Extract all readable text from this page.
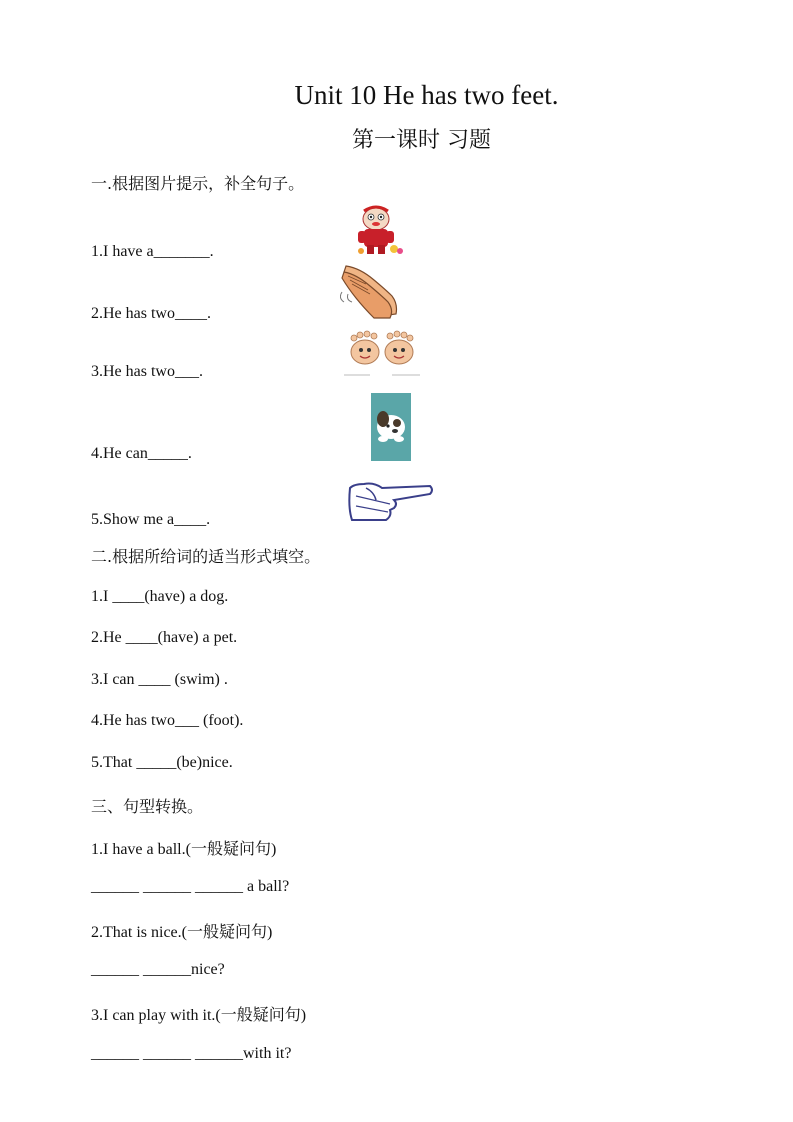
Unit 10 He has two feet.
第一课时 习题
一.根据图片提示，补全句子。
1.I have a_______.
2.He has two____.
3.He has two___.
4.He can_____.
5.Show me a____.
二.根据所给词的适当形式填空。
1.I ____(have) a dog.
2.He ____(have) a pet.
3.I can ____ (swim) .
4.He has two___ (foot).
5.That _____(be)nice.
三、句型转换。
1.I have a ball.(一般疑问句)
______ ______ ______ a ball?
2.That is nice.(一般疑问句)
______ ______nice?
3.I can play with it.(一般疑问句)
______ ______ ______with it?
